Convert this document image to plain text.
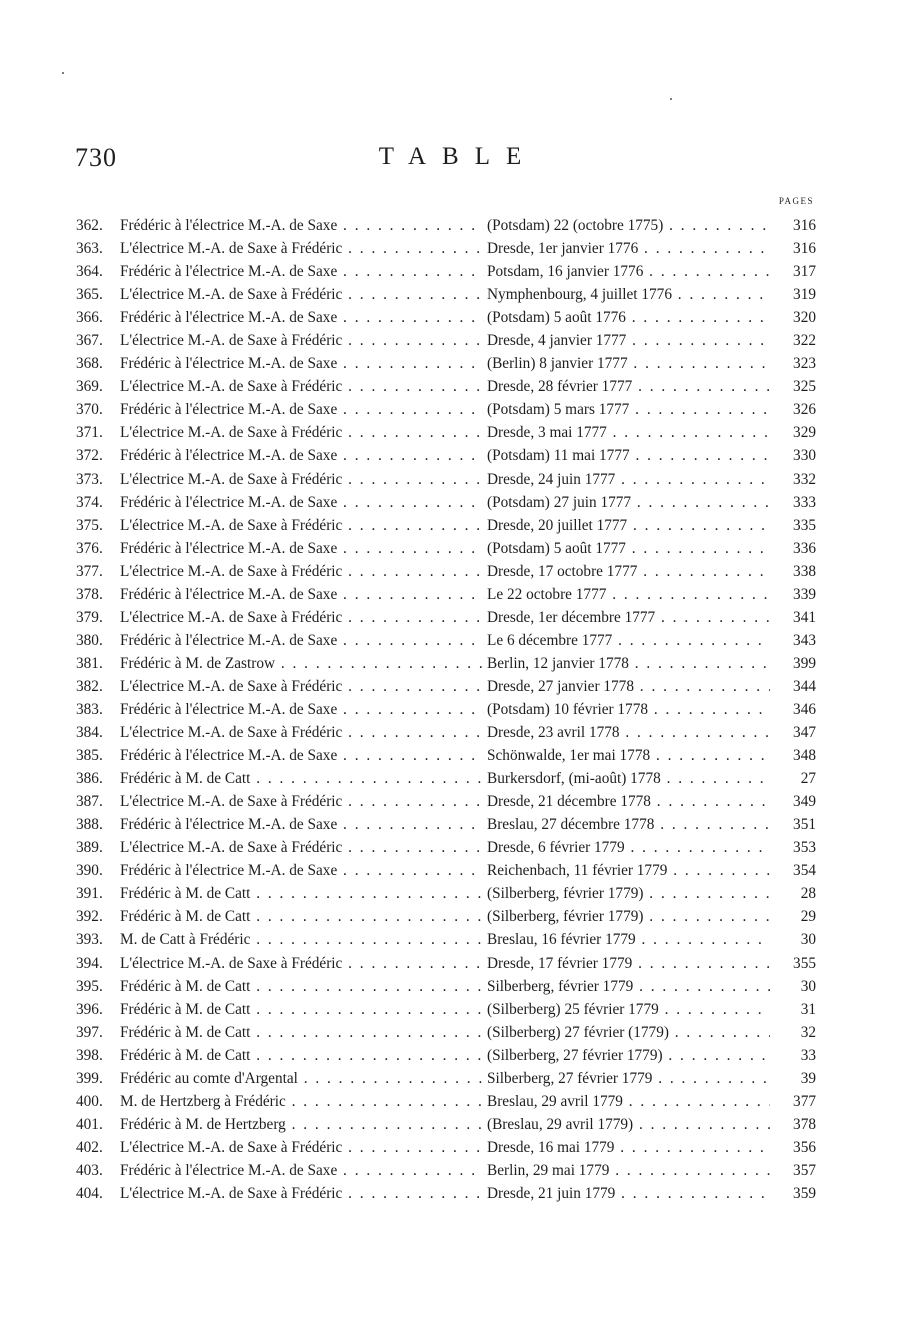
730	TABLE
PAGES
362.	Frédéric à l'électrice M.-A. de Saxe . . .	(Potsdam) 22 (octobre 1775) . . .	316
363.	L'électrice M.-A. de Saxe à Frédéric . . .	Dresde, 1er janvier 1776 . . .	316
364.	Frédéric à l'électrice M.-A. de Saxe . . .	Potsdam, 16 janvier 1776 . . .	317
365.	L'électrice M.-A. de Saxe à Frédéric . . .	Nymphenbourg, 4 juillet 1776 . . .	319
366.	Frédéric à l'électrice M.-A. de Saxe . . .	(Potsdam) 5 août 1776 . . .	320
367.	L'électrice M.-A. de Saxe à Frédéric . . .	Dresde, 4 janvier 1777 . . .	322
368.	Frédéric à l'électrice M.-A. de Saxe . . .	(Berlin) 8 janvier 1777 . . .	323
369.	L'électrice M.-A. de Saxe à Frédéric . . .	Dresde, 28 février 1777 . . .	325
370.	Frédéric à l'électrice M.-A. de Saxe . . .	(Potsdam) 5 mars 1777 . . .	326
371.	L'électrice M.-A. de Saxe à Frédéric . . .	Dresde, 3 mai 1777 . . .	329
372.	Frédéric à l'électrice M.-A. de Saxe . . .	(Potsdam) 11 mai 1777 . . .	330
373.	L'électrice M.-A. de Saxe à Frédéric . . .	Dresde, 24 juin 1777 . . .	332
374.	Frédéric à l'électrice M.-A. de Saxe . . .	(Potsdam) 27 juin 1777 . . .	333
375.	L'électrice M.-A. de Saxe à Frédéric . . .	Dresde, 20 juillet 1777 . . .	335
376.	Frédéric à l'électrice M.-A. de Saxe . . .	(Potsdam) 5 août 1777 . . .	336
377.	L'électrice M.-A. de Saxe à Frédéric . . .	Dresde, 17 octobre 1777 . . .	338
378.	Frédéric à l'électrice M.-A. de Saxe . . .	Le 22 octobre 1777 . . .	339
379.	L'électrice M.-A. de Saxe à Frédéric . . .	Dresde, 1er décembre 1777 . . .	341
380.	Frédéric à l'électrice M.-A. de Saxe . . .	Le 6 décembre 1777 . . .	343
381.	Frédéric à M. de Zastrow . . .	Berlin, 12 janvier 1778 . . .	399
382.	L'électrice M.-A. de Saxe à Frédéric . . .	Dresde, 27 janvier 1778 . . .	344
383.	Frédéric à l'électrice M.-A. de Saxe . . .	(Potsdam) 10 février 1778 . . .	346
384.	L'électrice M.-A. de Saxe à Frédéric . . .	Dresde, 23 avril 1778 . . .	347
385.	Frédéric à l'électrice M.-A. de Saxe . . .	Schönwalde, 1er mai 1778 . . .	348
386.	Frédéric à M. de Catt . . .	Burkersdorf, (mi-août) 1778 . . .	27
387.	L'électrice M.-A. de Saxe à Frédéric . . .	Dresde, 21 décembre 1778 . . .	349
388.	Frédéric à l'électrice M.-A. de Saxe . . .	Breslau, 27 décembre 1778 . . .	351
389.	L'électrice M.-A. de Saxe à Frédéric . . .	Dresde, 6 février 1779 . . .	353
390.	Frédéric à l'électrice M.-A. de Saxe . . .	Reichenbach, 11 février 1779 . . .	354
391.	Frédéric à M. de Catt . . .	(Silberberg, février 1779) . . .	28
392.	Frédéric à M. de Catt . . .	(Silberberg, février 1779) . . .	29
393.	M. de Catt à Frédéric . . .	Breslau, 16 février 1779 . . .	30
394.	L'électrice M.-A. de Saxe à Frédéric . . .	Dresde, 17 février 1779 . . .	355
395.	Frédéric à M. de Catt . . .	Silberberg, février 1779 . . .	30
396.	Frédéric à M. de Catt . . .	(Silberberg) 25 février 1779 . . .	31
397.	Frédéric à M. de Catt . . .	(Silberberg) 27 février (1779) . . .	32
398.	Frédéric à M. de Catt . . .	(Silberberg, 27 février 1779) . . .	33
399.	Frédéric au comte d'Argental . . .	Silberberg, 27 février 1779 . . .	39
400.	M. de Hertzberg à Frédéric . . .	Breslau, 29 avril 1779 . . .	377
401.	Frédéric à M. de Hertzberg . . .	(Breslau, 29 avril 1779) . . .	378
402.	L'électrice M.-A. de Saxe à Frédéric . . .	Dresde, 16 mai 1779 . . .	356
403.	Frédéric à l'électrice M.-A. de Saxe . . .	Berlin, 29 mai 1779 . . .	357
404.	L'électrice M.-A. de Saxe à Frédéric . . .	Dresde, 21 juin 1779 . . .	359
